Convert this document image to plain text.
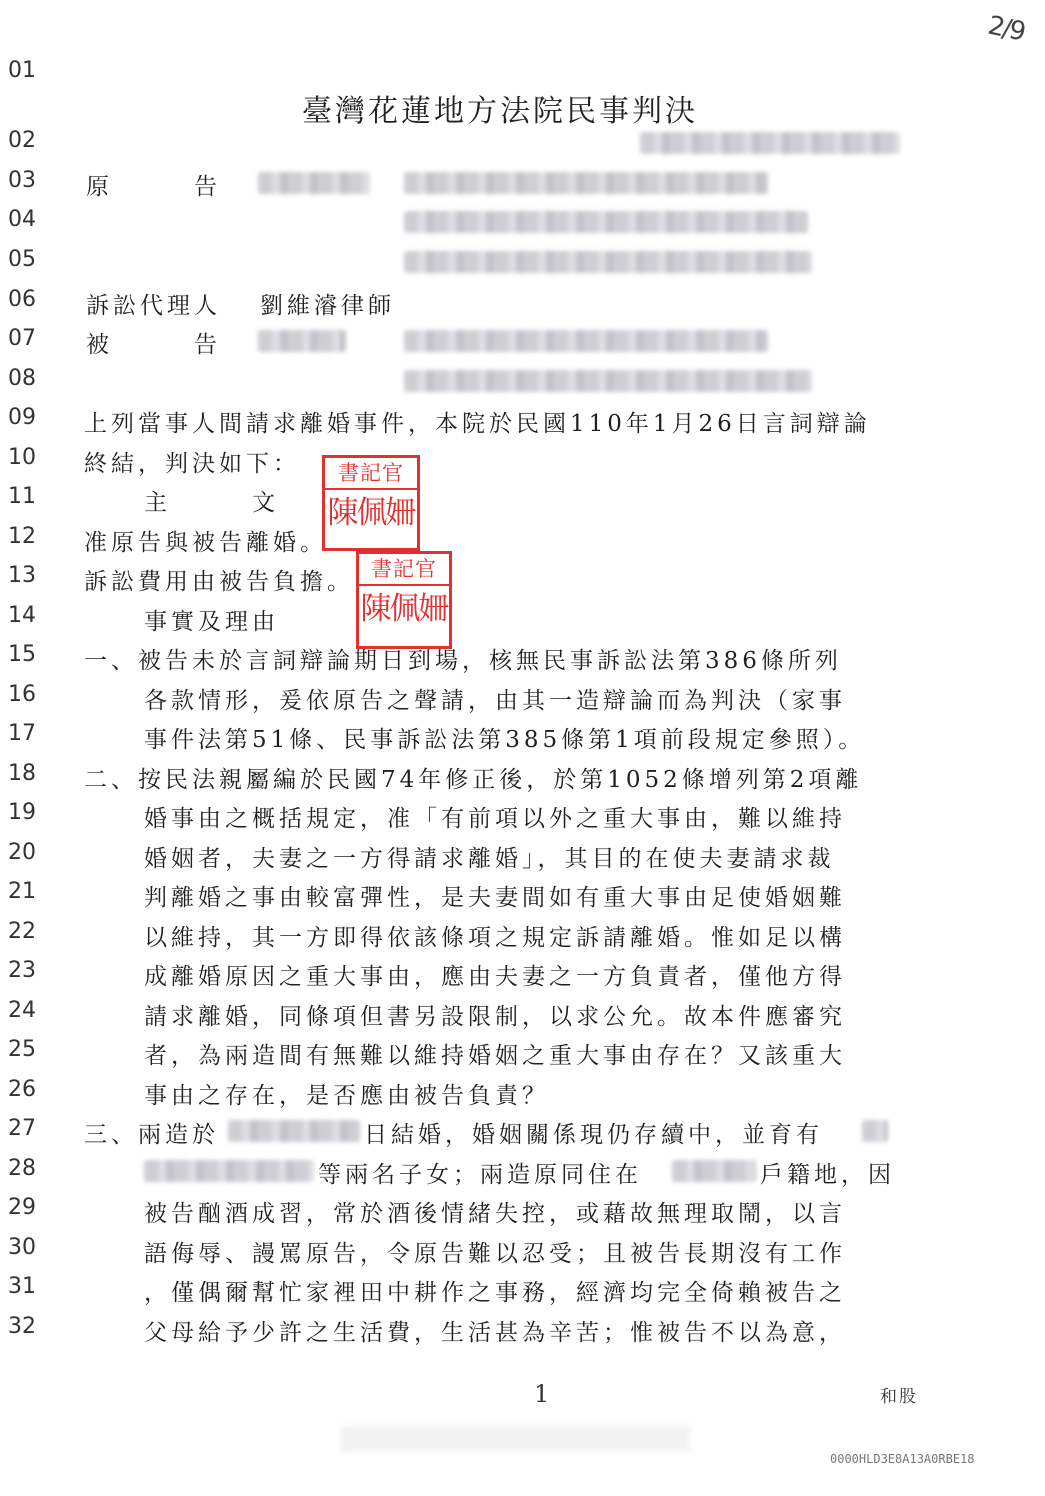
2/9
臺灣花蓮地方法院民事判決
01
02
03
04
05
06
07
08
09
10
11
12
13
14
15
16
17
18
19
20
21
22
23
24
25
26
27
28
29
30
31
32
原　　　告
訴訟代理人 劉維濬律師
被　　　告
上列當事人間請求離婚事件，本院於民國110年1月26日言詞辯論
終結，判決如下：
主　　　文
准原告與被告離婚。
訴訟費用由被告負擔。
事實及理由
一、被告未於言詞辯論期日到場，核無民事訴訟法第386條所列
各款情形，爰依原告之聲請，由其一造辯論而為判決（家事
事件法第51條、民事訴訟法第385條第1項前段規定參照）。
二、按民法親屬編於民國74年修正後，於第1052條增列第2項離
婚事由之概括規定，准「有前項以外之重大事由，難以維持
婚姻者，夫妻之一方得請求離婚」，其目的在使夫妻請求裁
判離婚之事由較富彈性，是夫妻間如有重大事由足使婚姻難
以維持，其一方即得依該條項之規定訴請離婚。惟如足以構
成離婚原因之重大事由，應由夫妻之一方負責者，僅他方得
請求離婚，同條項但書另設限制，以求公允。故本件應審究
者，為兩造間有無難以維持婚姻之重大事由存在？又該重大
事由之存在，是否應由被告負責？
三、兩造於	日結婚，婚姻關係現仍存續中，並育有
等兩名子女；兩造原同住在	戶籍地，因
被告酗酒成習，常於酒後情緒失控，或藉故無理取鬧，以言
語侮辱、謾罵原告，令原告難以忍受；且被告長期沒有工作
，僅偶爾幫忙家裡田中耕作之事務，經濟均完全倚賴被告之
父母給予少許之生活費，生活甚為辛苦；惟被告不以為意，
書記官
陳佩姍
書記官
陳佩姍
1	和股
0000HLD3E8A13A0RBE18
